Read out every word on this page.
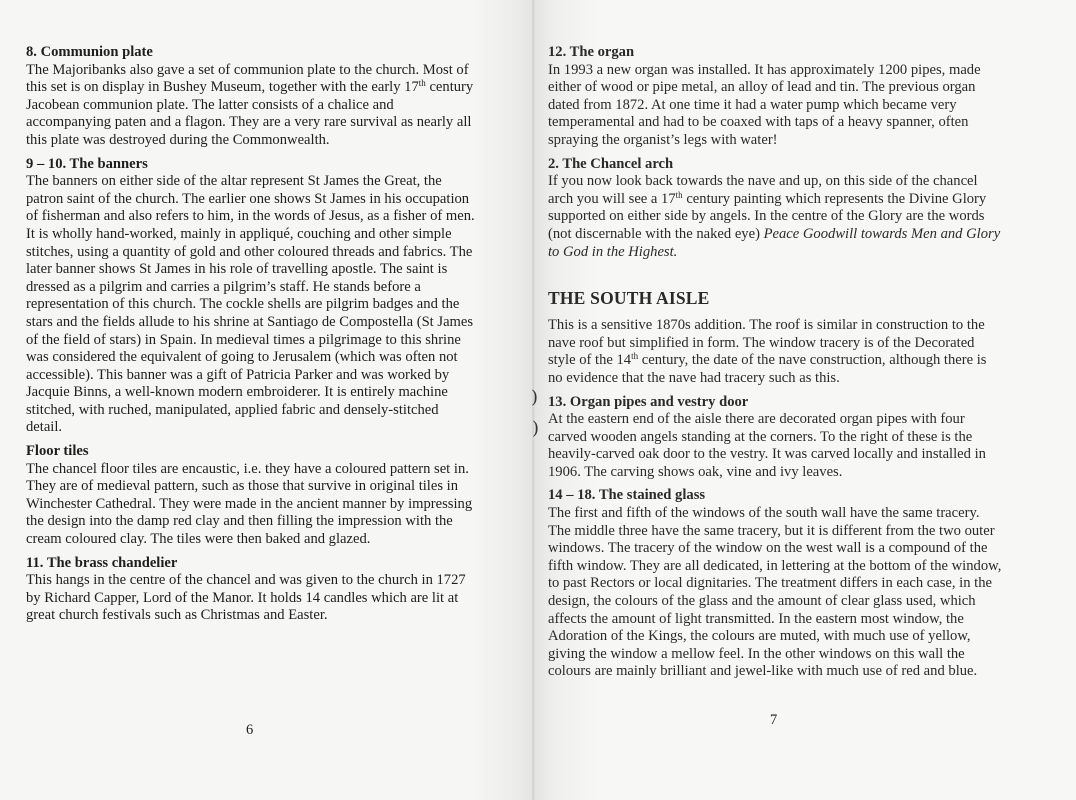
8. Communion plate

The Majoribanks also gave a set of communion plate to the church. Most of this set is on display in Bushey Museum, together with the early 17th century Jacobean communion plate. The latter consists of a chalice and accompanying paten and a flagon. They are a very rare survival as nearly all this plate was destroyed during the Commonwealth.

9 – 10. The banners

The banners on either side of the altar represent St James the Great, the patron saint of the church. The earlier one shows St James in his occupation of fisherman and also refers to him, in the words of Jesus, as a fisher of men. It is wholly hand-worked, mainly in appliqué, couching and other simple stitches, using a quantity of gold and other coloured threads and fabrics. The later banner shows St James in his role of travelling apostle. The saint is dressed as a pilgrim and carries a pilgrim’s staff. He stands before a representation of this church. The cockle shells are pilgrim badges and the stars and the fields allude to his shrine at Santiago de Compostella (St James of the field of stars) in Spain. In medieval times a pilgrimage to this shrine was considered the equivalent of going to Jerusalem (which was often not accessible). This banner was a gift of Patricia Parker and was worked by Jacquie Binns, a well-known modern embroiderer. It is entirely machine stitched, with ruched, manipulated, applied fabric and densely-stitched detail.

Floor tiles

The chancel floor tiles are encaustic, i.e. they have a coloured pattern set in. They are of medieval pattern, such as those that survive in original tiles in Winchester Cathedral. They were made in the ancient manner by impressing the design into the damp red clay and then filling the impression with the cream coloured clay. The tiles were then baked and glazed.

11. The brass chandelier

This hangs in the centre of the chancel and was given to the church in 1727 by Richard Capper, Lord of the Manor. It holds 14 candles which are lit at great church festivals such as Christmas and Easter.

12. The organ

In 1993 a new organ was installed. It has approximately 1200 pipes, made either of wood or pipe metal, an alloy of lead and tin. The previous organ dated from 1872. At one time it had a water pump which became very temperamental and had to be coaxed with taps of a heavy spanner, often spraying the organist’s legs with water!

2. The Chancel arch

If you now look back towards the nave and up, on this side of the chancel arch you will see a 17th century painting which represents the Divine Glory supported on either side by angels. In the centre of the Glory are the words (not discernable with the naked eye) Peace Goodwill towards Men and Glory to God in the Highest.

THE SOUTH AISLE

This is a sensitive 1870s addition. The roof is similar in construction to the nave roof but simplified in form. The window tracery is of the Decorated style of the 14th century, the date of the nave construction, although there is no evidence that the nave had tracery such as this.

13. Organ pipes and vestry door

At the eastern end of the aisle there are decorated organ pipes with four carved wooden angels standing at the corners. To the right of these is the heavily-carved oak door to the vestry. It was carved locally and installed in 1906. The carving shows oak, vine and ivy leaves.

14 – 18. The stained glass

The first and fifth of the windows of the south wall have the same tracery. The middle three have the same tracery, but it is different from the two outer windows. The tracery of the window on the west wall is a compound of the fifth window. They are all dedicated, in lettering at the bottom of the window, to past Rectors or local dignitaries. The treatment differs in each case, in the design, the colours of the glass and the amount of clear glass used, which affects the amount of light transmitted. In the eastern most window, the Adoration of the Kings, the colours are muted, with much use of yellow, giving the window a mellow feel. In the other windows on this wall the colours are mainly brilliant and jewel-like with much use of red and blue.

6
7
)
)
